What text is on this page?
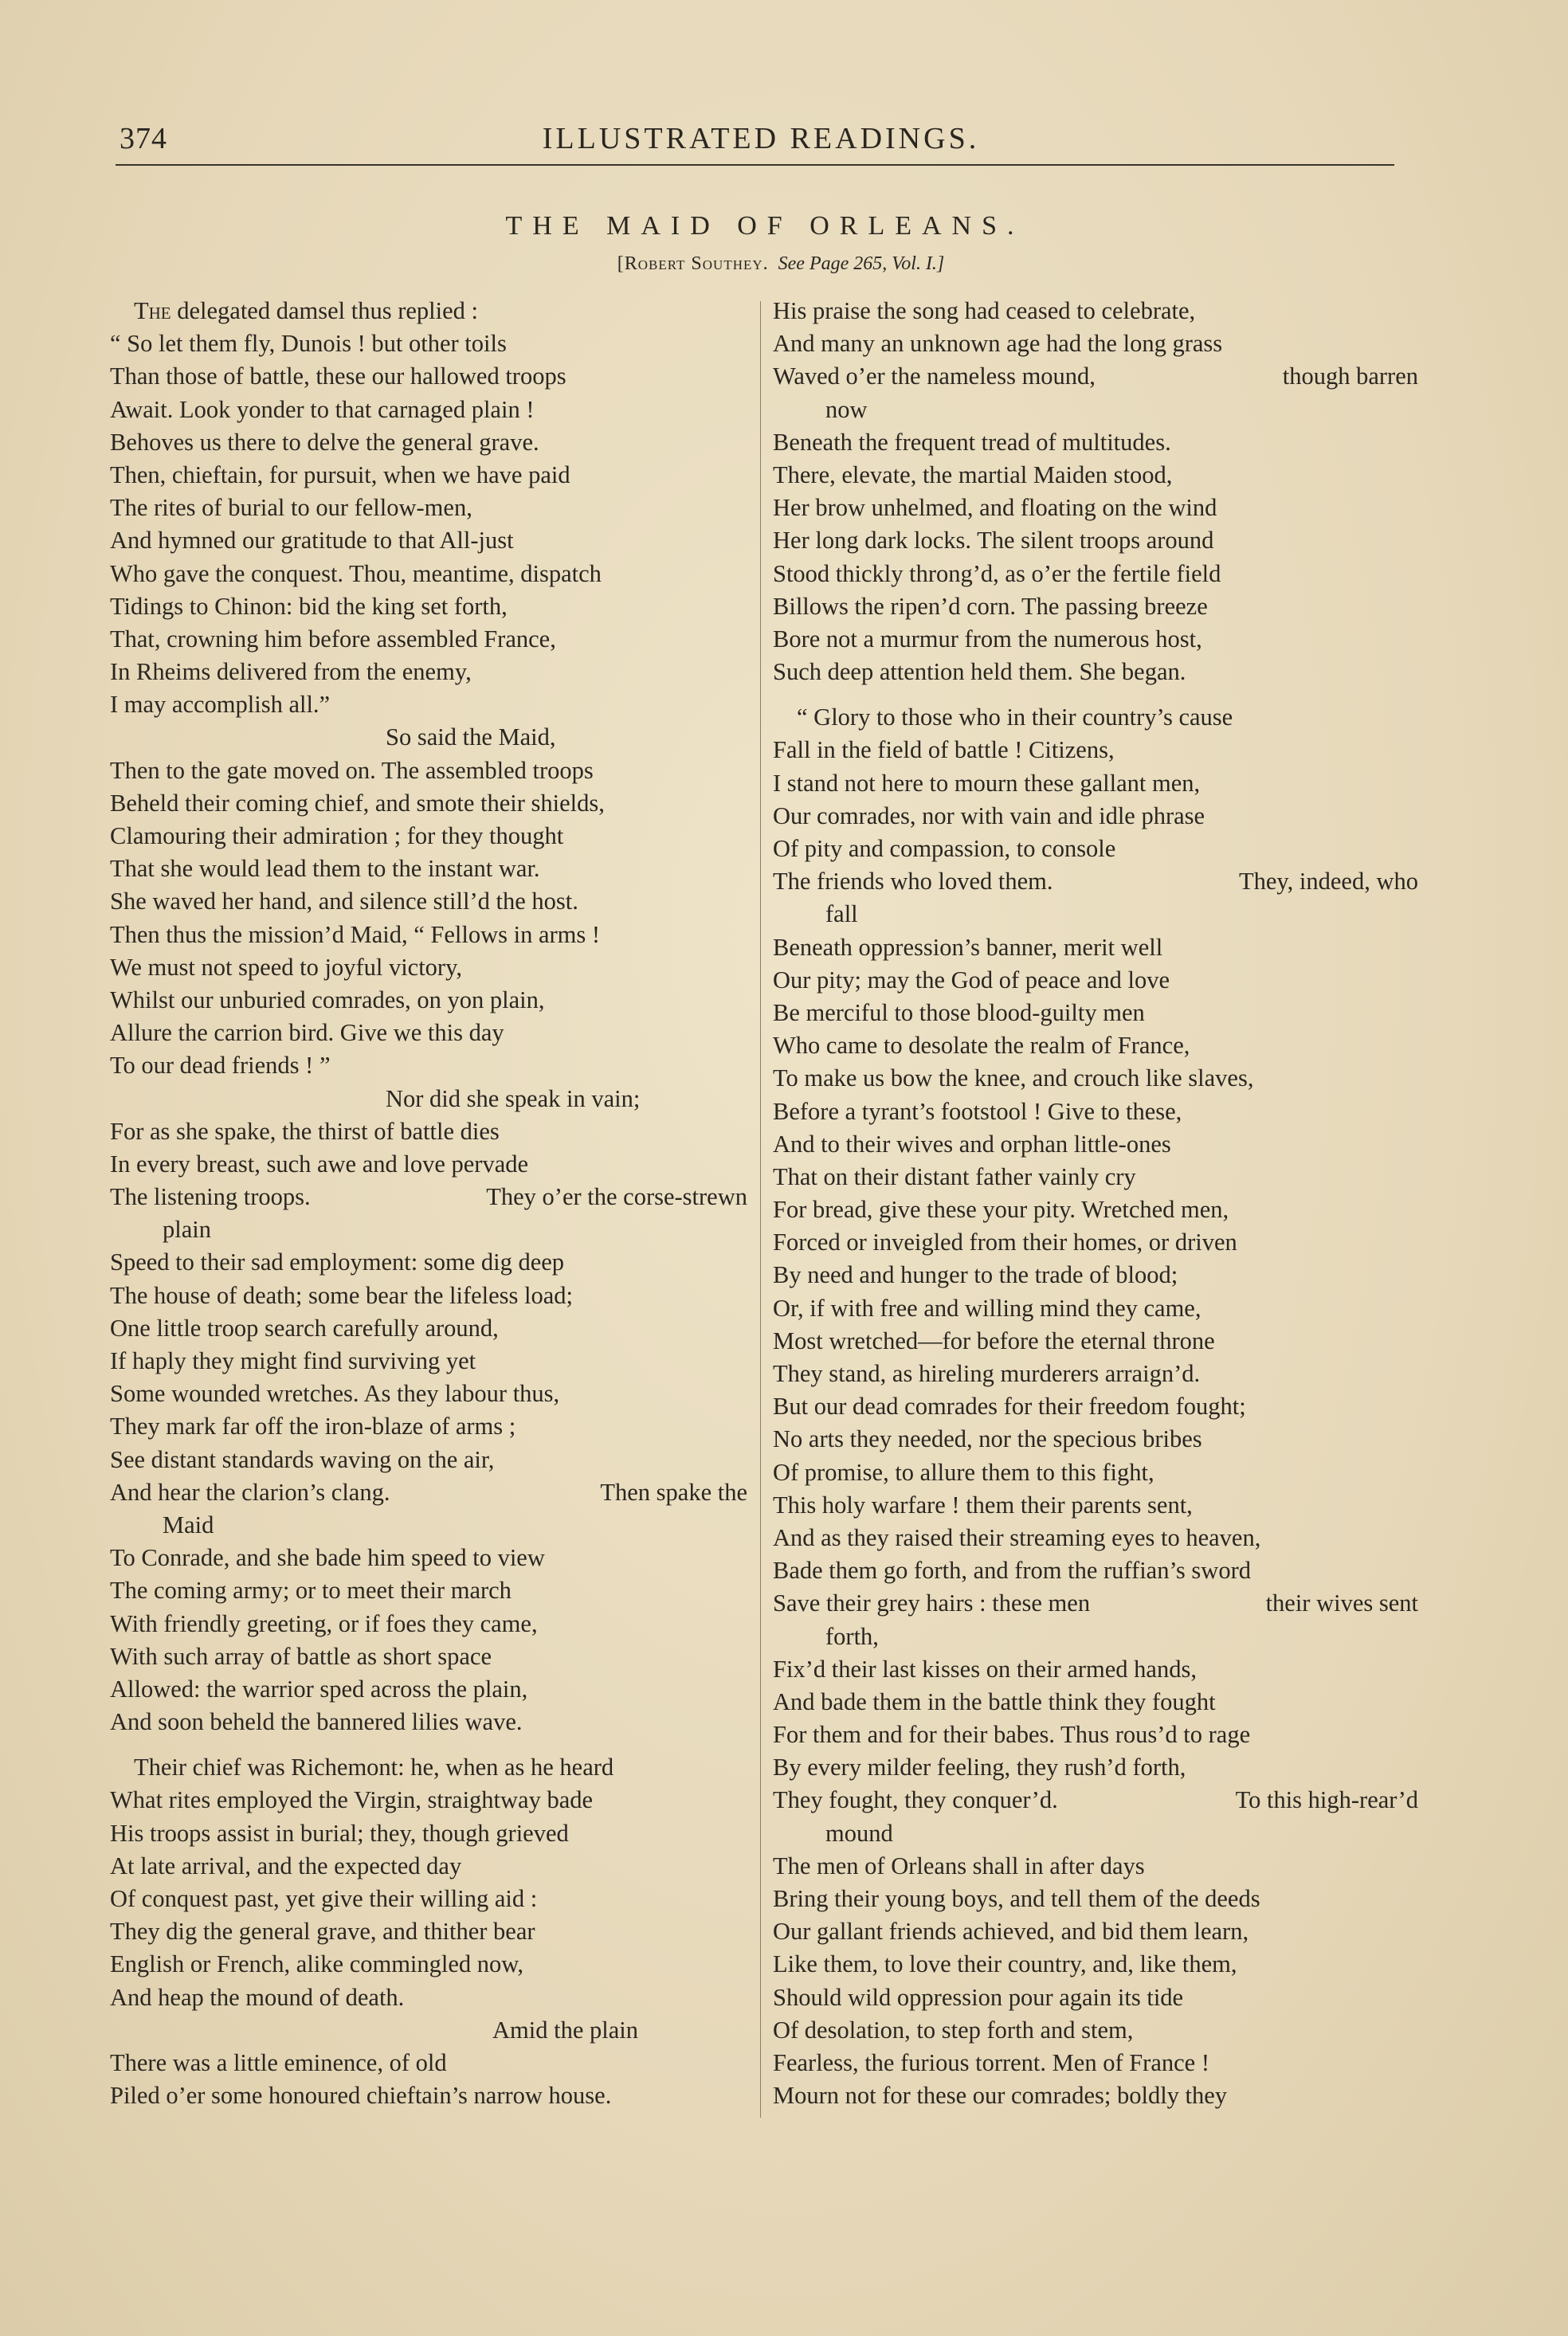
374	ILLUSTRATED READINGS.
THE MAID OF ORLEANS.
[Robert Southey. See Page 265, Vol. I.]
The delegated damsel thus replied :
“ So let them fly, Dunois ! but other toils
Than those of battle, these our hallowed troops
Await. Look yonder to that carnaged plain !
Behoves us there to delve the general grave.
Then, chieftain, for pursuit, when we have paid
The rites of burial to our fellow-men,
And hymned our gratitude to that All-just
Who gave the conquest. Thou, meantime, dispatch
Tidings to Chinon: bid the king set forth,
That, crowning him before assembled France,
In Rheims delivered from the enemy,
I may accomplish all.”
So said the Maid,
Then to the gate moved on. The assembled troops
Beheld their coming chief, and smote their shields,
Clamouring their admiration ; for they thought
That she would lead them to the instant war.
She waved her hand, and silence still’d the host.
Then thus the mission’d Maid, “ Fellows in arms !
We must not speed to joyful victory,
Whilst our unburied comrades, on yon plain,
Allure the carrion bird. Give we this day
To our dead friends ! ”
Nor did she speak in vain;
For as she spake, the thirst of battle dies
In every breast, such awe and love pervade
The listening troops.	They o’er the corse-strewn
plain
Speed to their sad employment: some dig deep
The house of death; some bear the lifeless load;
One little troop search carefully around,
If haply they might find surviving yet
Some wounded wretches. As they labour thus,
They mark far off the iron-blaze of arms ;
See distant standards waving on the air,
And hear the clarion’s clang.	Then spake the
Maid
To Conrade, and she bade him speed to view
The coming army; or to meet their march
With friendly greeting, or if foes they came,
With such array of battle as short space
Allowed: the warrior sped across the plain,
And soon beheld the bannered lilies wave.
Their chief was Richemont: he, when as he heard
What rites employed the Virgin, straightway bade
His troops assist in burial; they, though grieved
At late arrival, and the expected day
Of conquest past, yet give their willing aid :
They dig the general grave, and thither bear
English or French, alike commingled now,
And heap the mound of death.
Amid the plain
There was a little eminence, of old
Piled o’er some honoured chieftain’s narrow house.
His praise the song had ceased to celebrate,
And many an unknown age had the long grass
Waved o’er the nameless mound,	though barren
now
Beneath the frequent tread of multitudes.
There, elevate, the martial Maiden stood,
Her brow unhelmed, and floating on the wind
Her long dark locks. The silent troops around
Stood thickly throng’d, as o’er the fertile field
Billows the ripen’d corn. The passing breeze
Bore not a murmur from the numerous host,
Such deep attention held them. She began.
“ Glory to those who in their country’s cause
Fall in the field of battle ! Citizens,
I stand not here to mourn these gallant men,
Our comrades, nor with vain and idle phrase
Of pity and compassion, to console
The friends who loved them.	They, indeed, who
fall
Beneath oppression’s banner, merit well
Our pity; may the God of peace and love
Be merciful to those blood-guilty men
Who came to desolate the realm of France,
To make us bow the knee, and crouch like slaves,
Before a tyrant’s footstool ! Give to these,
And to their wives and orphan little-ones
That on their distant father vainly cry
For bread, give these your pity. Wretched men,
Forced or inveigled from their homes, or driven
By need and hunger to the trade of blood;
Or, if with free and willing mind they came,
Most wretched—for before the eternal throne
They stand, as hireling murderers arraign’d.
But our dead comrades for their freedom fought;
No arts they needed, nor the specious bribes
Of promise, to allure them to this fight,
This holy warfare ! them their parents sent,
And as they raised their streaming eyes to heaven,
Bade them go forth, and from the ruffian’s sword
Save their grey hairs : these men	their wives sent
forth,
Fix’d their last kisses on their armed hands,
And bade them in the battle think they fought
For them and for their babes. Thus rous’d to rage
By every milder feeling, they rush’d forth,
They fought, they conquer’d.	To this high-rear’d
mound
The men of Orleans shall in after days
Bring their young boys, and tell them of the deeds
Our gallant friends achieved, and bid them learn,
Like them, to love their country, and, like them,
Should wild oppression pour again its tide
Of desolation, to step forth and stem,
Fearless, the furious torrent. Men of France !
Mourn not for these our comrades; boldly they
